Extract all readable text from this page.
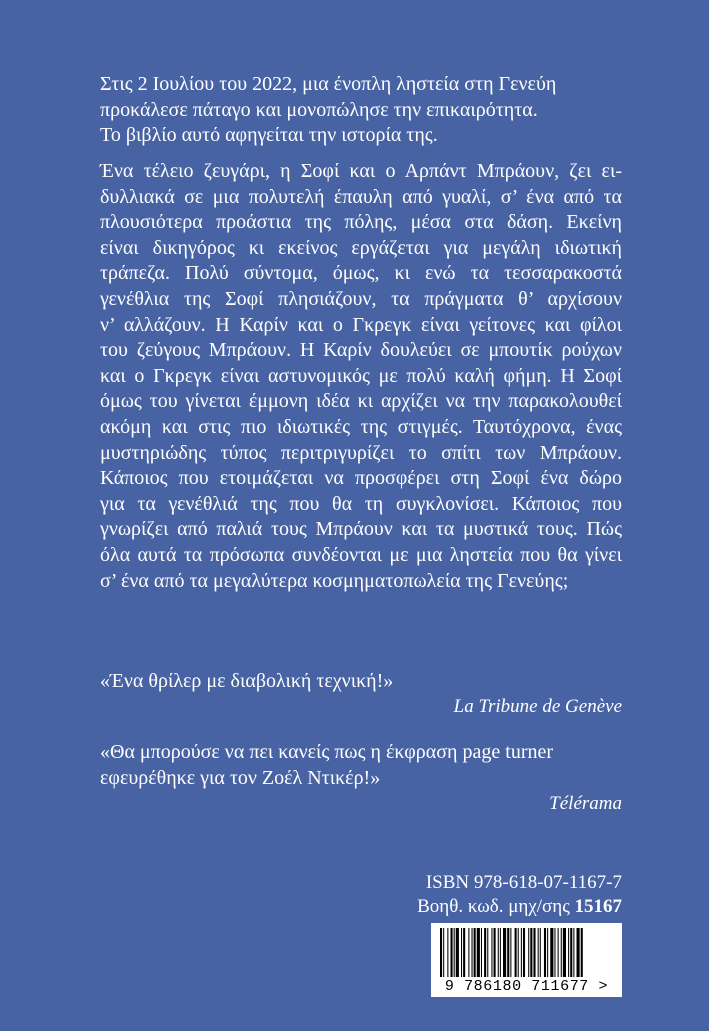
Στις 2 Ιουλίου του 2022, μια ένοπλη ληστεία στη Γενεύη

προκάλεσε πάταγο και μονοπώλησε την επικαιρότητα.

Το βιβλίο αυτό αφηγείται την ιστορία της.

Ένα τέλειο ζευγάρι, η Σοφί και ο Αρπάντ Μπράουν, ζει ει-
δυλλιακά σε μια πολυτελή έπαυλη από γυαλί, σ’ ένα από τα
πλουσιότερα προάστια της πόλης, μέσα στα δάση. Εκείνη
είναι δικηγόρος κι εκείνος εργάζεται για μεγάλη ιδιωτική
τράπεζα. Πολύ σύντομα, όμως, κι ενώ τα τεσσαρακοστά
γενέθλια της Σοφί πλησιάζουν, τα πράγματα θ’ αρχίσουν
ν’ αλλάζουν. Η Καρίν και ο Γκρεγκ είναι γείτονες και φίλοι
του ζεύγους Μπράουν. Η Καρίν δουλεύει σε μπουτίκ ρούχων
και ο Γκρεγκ είναι αστυνομικός με πολύ καλή φήμη. Η Σοφί
όμως του γίνεται έμμονη ιδέα κι αρχίζει να την παρακολουθεί
ακόμη και στις πιο ιδιωτικές της στιγμές. Ταυτόχρονα, ένας
μυστηριώδης τύπος περιτριγυρίζει το σπίτι των Μπράουν.
Κάποιος που ετοιμάζεται να προσφέρει στη Σοφί ένα δώρο
για τα γενέθλιά της που θα τη συγκλονίσει. Κάποιος που
γνωρίζει από παλιά τους Μπράουν και τα μυστικά τους. Πώς
όλα αυτά τα πρόσωπα συνδέονται με μια ληστεία που θα γίνει
σ’ ένα από τα μεγαλύτερα κοσμηματοπωλεία της Γενεύης;
«Ένα θρίλερ με διαβολική τεχνική!»
La Tribune de Genève
«Θα μπορούσε να πει κανείς πως η έκφραση page turner
εφευρέθηκε για τον Ζοέλ Ντικέρ!»
Télérama
ISBN 978-618-07-1167-7
Βοηθ. κωδ. μηχ/σης 15167
9 786180 711677 >
